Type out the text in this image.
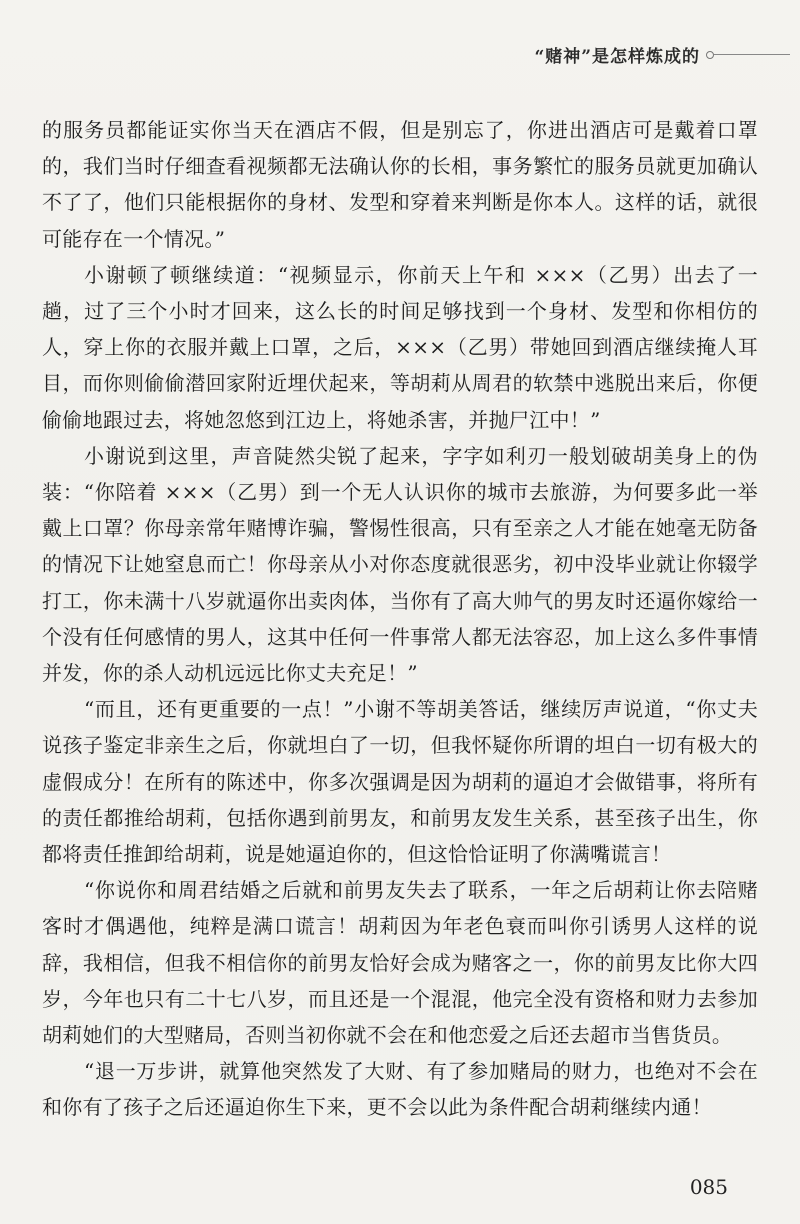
“赌神”是怎样炼成的

的服务员都能证实你当天在酒店不假，但是别忘了，你进出酒店可是戴着口罩的，我们当时仔细查看视频都无法确认你的长相，事务繁忙的服务员就更加确认不了了，他们只能根据你的身材、发型和穿着来判断是你本人。这样的话，就很可能存在一个情况。”

小谢顿了顿继续道：“视频显示，你前天上午和 ×××（乙男）出去了一趟，过了三个小时才回来，这么长的时间足够找到一个身材、发型和你相仿的人，穿上你的衣服并戴上口罩，之后，×××（乙男）带她回到酒店继续掩人耳目，而你则偷偷潜回家附近埋伏起来，等胡莉从周君的软禁中逃脱出来后，你便偷偷地跟过去，将她忽悠到江边上，将她杀害，并抛尸江中！”

小谢说到这里，声音陡然尖锐了起来，字字如利刃一般划破胡美身上的伪装：“你陪着 ×××（乙男）到一个无人认识你的城市去旅游，为何要多此一举戴上口罩？你母亲常年赌博诈骗，警惕性很高，只有至亲之人才能在她毫无防备的情况下让她窒息而亡！你母亲从小对你态度就很恶劣，初中没毕业就让你辍学打工，你未满十八岁就逼你出卖肉体，当你有了高大帅气的男友时还逼你嫁给一个没有任何感情的男人，这其中任何一件事常人都无法容忍，加上这么多件事情并发，你的杀人动机远远比你丈夫充足！”

“而且，还有更重要的一点！”小谢不等胡美答话，继续厉声说道，“你丈夫说孩子鉴定非亲生之后，你就坦白了一切，但我怀疑你所谓的坦白一切有极大的虚假成分！在所有的陈述中，你多次强调是因为胡莉的逼迫才会做错事，将所有的责任都推给胡莉，包括你遇到前男友，和前男友发生关系，甚至孩子出生，你都将责任推卸给胡莉，说是她逼迫你的，但这恰恰证明了你满嘴谎言！

“你说你和周君结婚之后就和前男友失去了联系，一年之后胡莉让你去陪赌客时才偶遇他，纯粹是满口谎言！胡莉因为年老色衰而叫你引诱男人这样的说辞，我相信，但我不相信你的前男友恰好会成为赌客之一，你的前男友比你大四岁，今年也只有二十七八岁，而且还是一个混混，他完全没有资格和财力去参加胡莉她们的大型赌局，否则当初你就不会在和他恋爱之后还去超市当售货员。

“退一万步讲，就算他突然发了大财、有了参加赌局的财力，也绝对不会在和你有了孩子之后还逼迫你生下来，更不会以此为条件配合胡莉继续内通！

085
